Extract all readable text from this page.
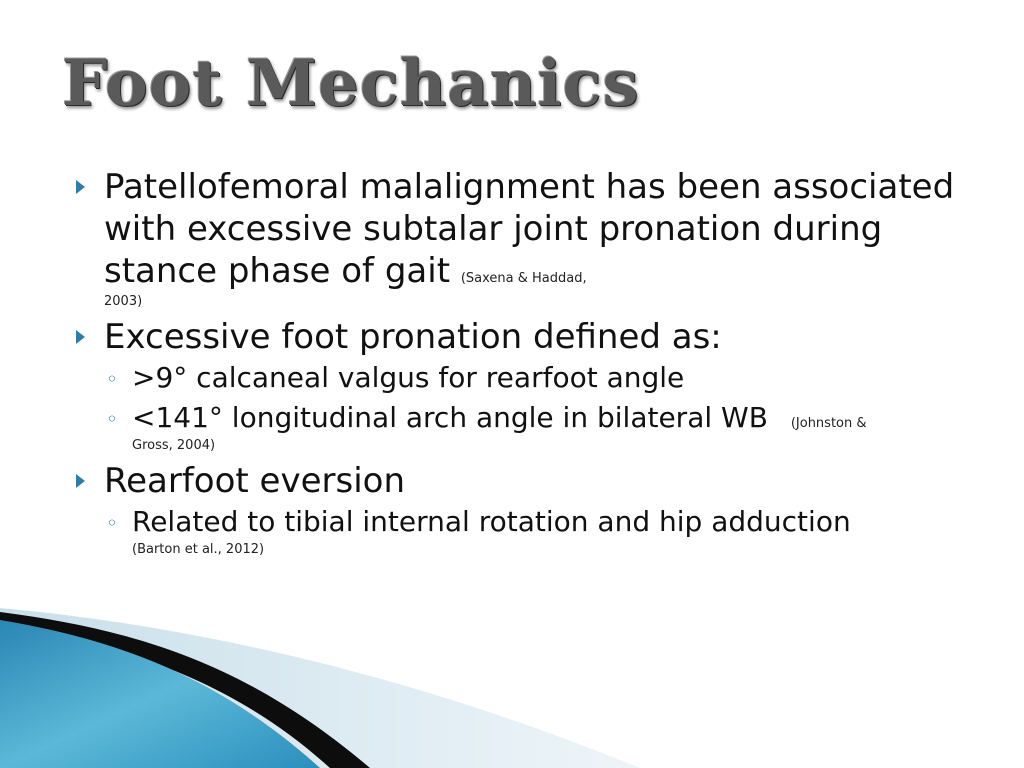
Foot Mechanics
Patellofemoral malalignment has been associated with excessive subtalar joint pronation during stance phase of gait (Saxena & Haddad,
2003)
Excessive foot pronation defined as:
◦ >9° calcaneal valgus for rearfoot angle
◦ <141° longitudinal arch angle in bilateral WB (Johnston &
Gross, 2004)
Rearfoot eversion
◦ Related to tibial internal rotation and hip adduction
(Barton et al., 2012)
